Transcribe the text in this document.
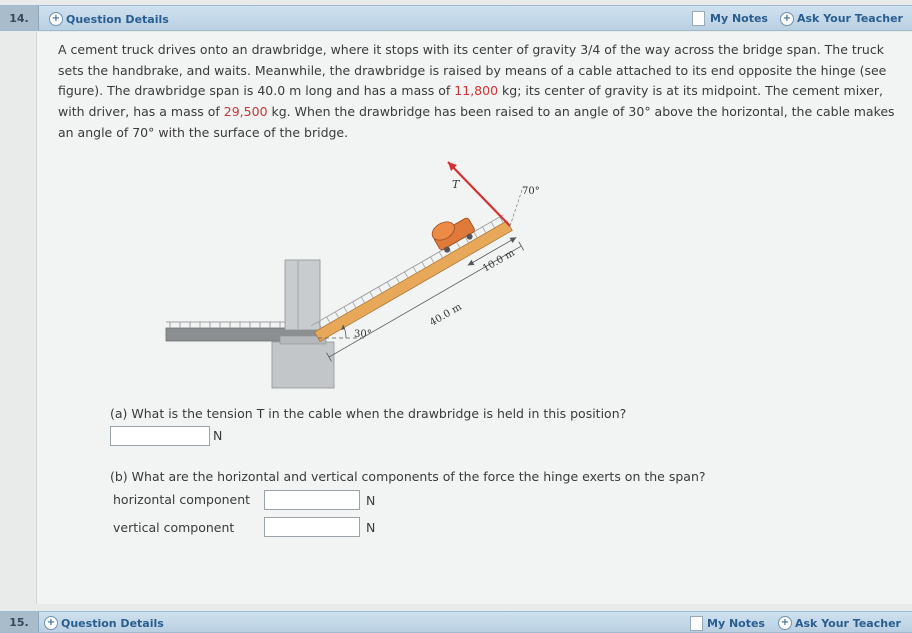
14.	+ Question Details	My Notes + Ask Your Teacher

A cement truck drives onto an drawbridge, where it stops with its center of gravity 3/4 of the way across the bridge span. The truck sets the handbrake, and waits. Meanwhile, the drawbridge is raised by means of a cable attached to its end opposite the hinge (see figure). The drawbridge span is 40.0 m long and has a mass of 11,800 kg; its center of gravity is at its midpoint. The cement mixer, with driver, has a mass of 29,500 kg. When the drawbridge has been raised to an angle of 30° above the horizontal, the cable makes an angle of 70° with the surface of the bridge.

T
70°
10.0 m
40.0 m
30°
(a) What is the tension T in the cable when the drawbridge is held in this position?
N
(b) What are the horizontal and vertical components of the force the hinge exerts on the span?
horizontal component	N
vertical component	N
15.	+ Question Details	My Notes + Ask Your Teacher
